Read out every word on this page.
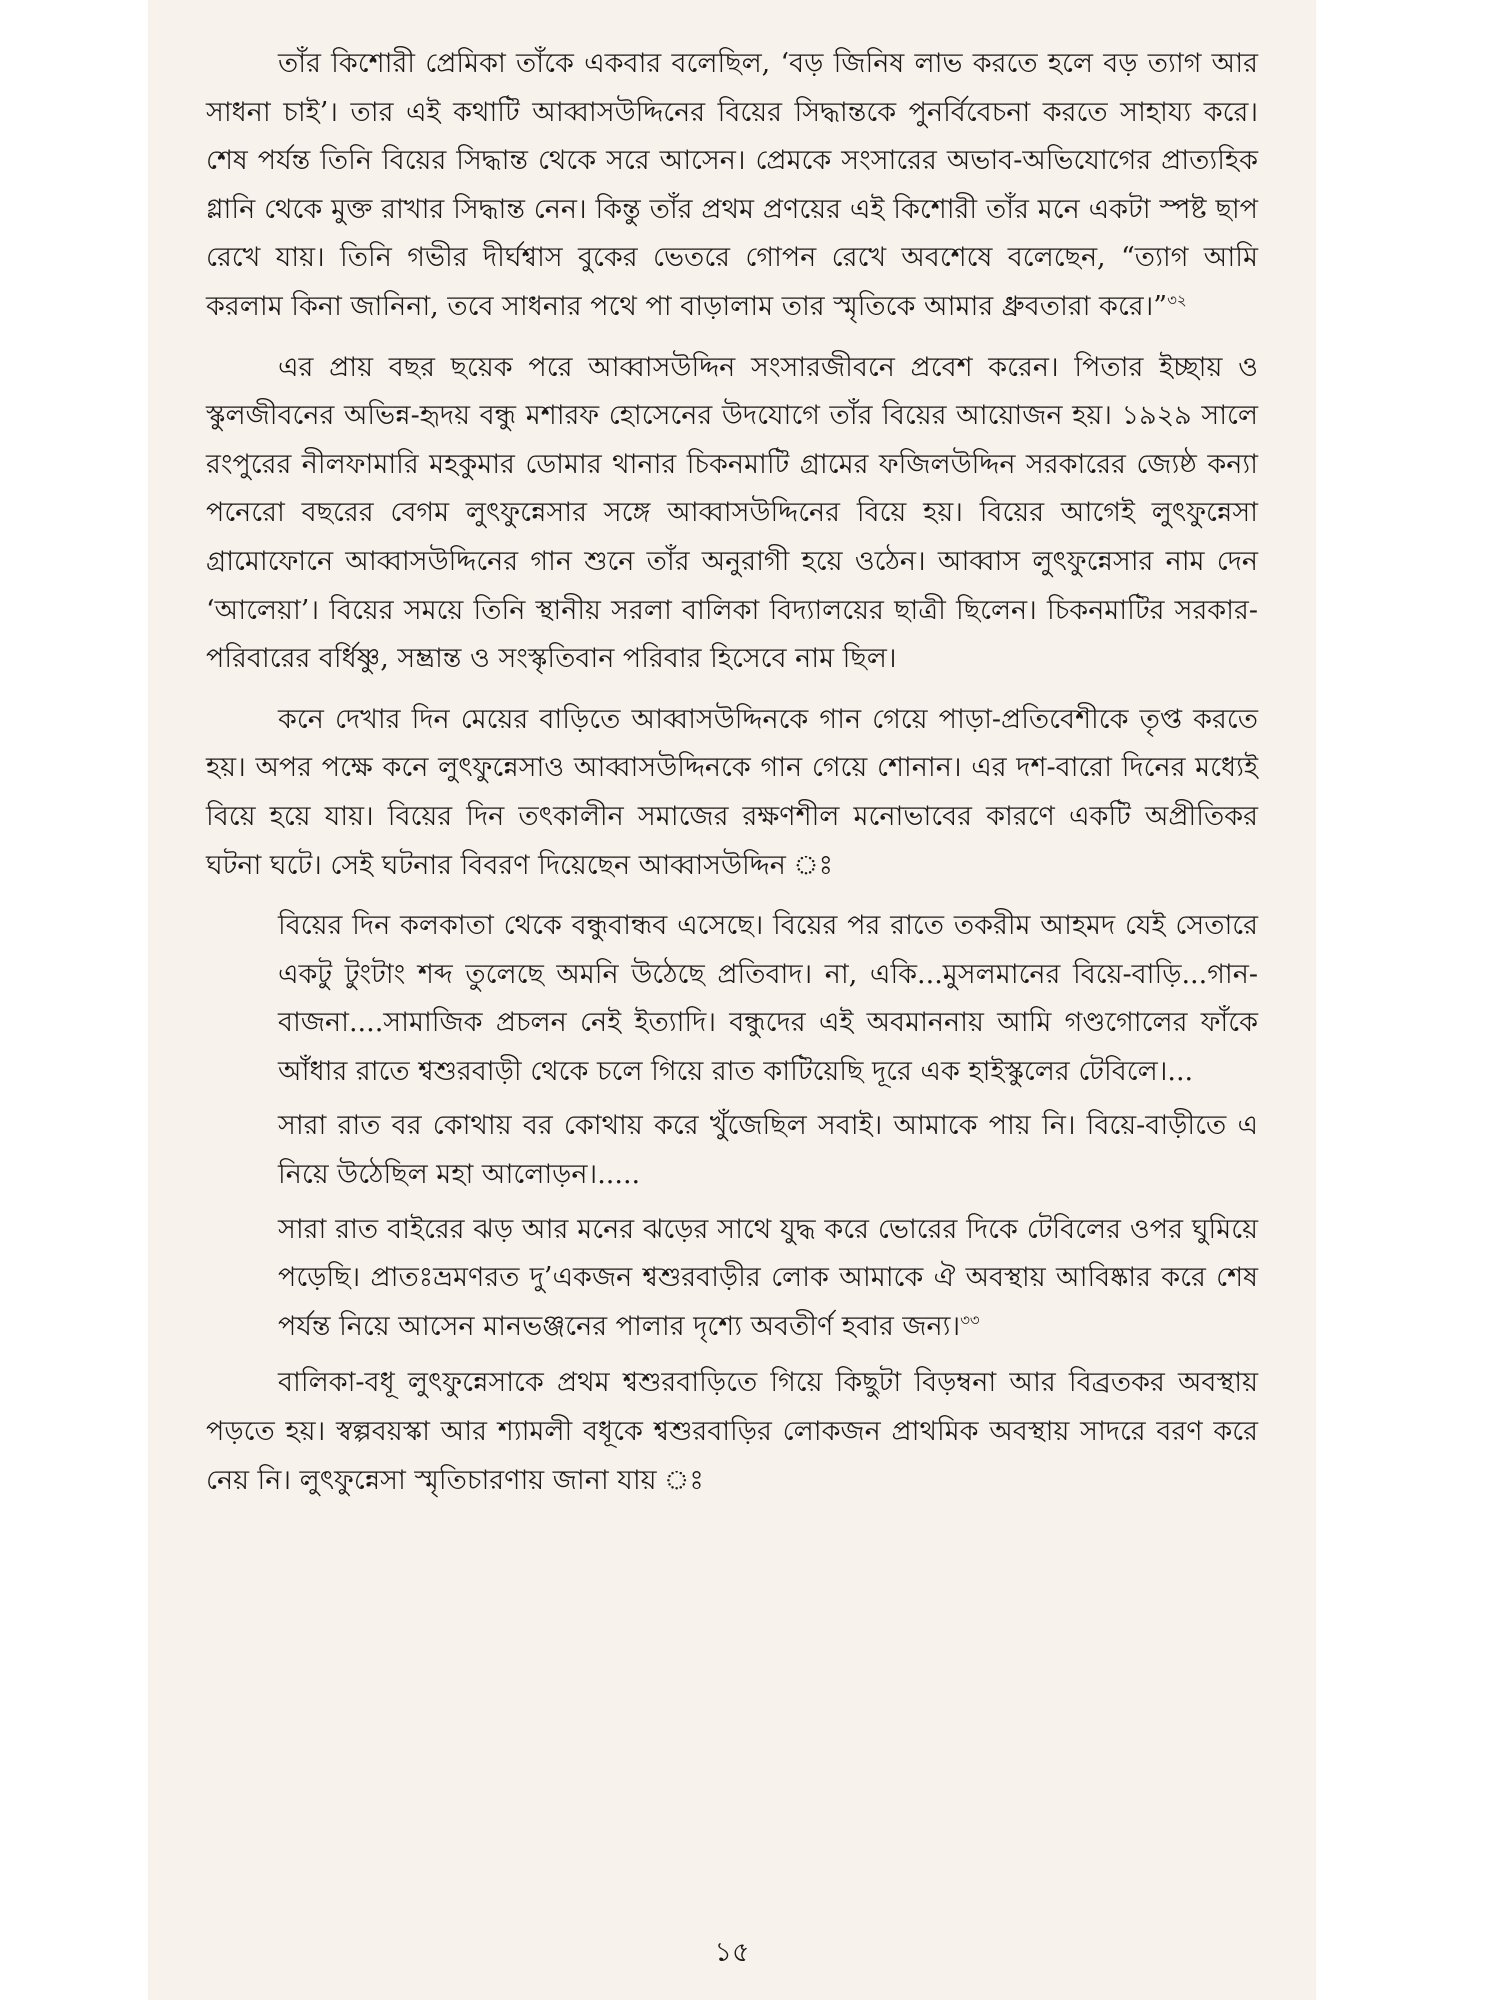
তাঁর কিশোরী প্রেমিকা তাঁকে একবার বলেছিল, ‘বড় জিনিষ লাভ করতে হলে বড় ত্যাগ আর সাধনা চাই’। তার এই কথাটি আব্বাসউদ্দিনের বিয়ের সিদ্ধান্তকে পুনর্বিবেচনা করতে সাহায্য করে। শেষ পর্যন্ত তিনি বিয়ের সিদ্ধান্ত থেকে সরে আসেন। প্রেমকে সংসারের অভাব-অভিযোগের প্রাত্যহিক গ্লানি থেকে মুক্ত রাখার সিদ্ধান্ত নেন। কিন্তু তাঁর প্রথম প্রণয়ের এই কিশোরী তাঁর মনে একটা স্পষ্ট ছাপ রেখে যায়। তিনি গভীর দীর্ঘশ্বাস বুকের ভেতরে গোপন রেখে অবশেষে বলেছেন, “ত্যাগ আমি করলাম কিনা জানিনা, তবে সাধনার পথে পা বাড়ালাম তার স্মৃতিকে আমার ধ্রুবতারা করে।”$^{৩২}$

এর প্রায় বছর ছয়েক পরে আব্বাসউদ্দিন সংসারজীবনে প্রবেশ করেন। পিতার ইচ্ছায় ও স্কুলজীবনের অভিন্ন-হৃদয় বন্ধু মশারফ হোসেনের উদযোগে তাঁর বিয়ের আয়োজন হয়। ১৯২৯ সালে রংপুরের নীলফামারি মহকুমার ডোমার থানার চিকনমাটি গ্রামের ফজিলউদ্দিন সরকারের জ্যেষ্ঠ কন্যা পনেরো বছরের বেগম লুৎফুন্নেসার সঙ্গে আব্বাসউদ্দিনের বিয়ে হয়। বিয়ের আগেই লুৎফুন্নেসা গ্রামোফোনে আব্বাসউদ্দিনের গান শুনে তাঁর অনুরাগী হয়ে ওঠেন। আব্বাস লুৎফুন্নেসার নাম দেন ‘আলেয়া’। বিয়ের সময়ে তিনি স্থানীয় সরলা বালিকা বিদ্যালয়ের ছাত্রী ছিলেন। চিকনমাটির সরকার-পরিবারের বর্ধিষ্ণু, সম্ভ্রান্ত ও সংস্কৃতিবান পরিবার হিসেবে নাম ছিল।

কনে দেখার দিন মেয়ের বাড়িতে আব্বাসউদ্দিনকে গান গেয়ে পাড়া-প্রতিবেশীকে তৃপ্ত করতে হয়। অপর পক্ষে কনে লুৎফুন্নেসাও আব্বাসউদ্দিনকে গান গেয়ে শোনান। এর দশ-বারো দিনের মধ্যেই বিয়ে হয়ে যায়। বিয়ের দিন তৎকালীন সমাজের রক্ষণশীল মনোভাবের কারণে একটি অপ্রীতিকর ঘটনা ঘটে। সেই ঘটনার বিবরণ দিয়েছেন আব্বাসউদ্দিন ঃ

বিয়ের দিন কলকাতা থেকে বন্ধুবান্ধব এসেছে। বিয়ের পর রাতে তকরীম আহমদ যেই সেতারে একটু টুংটাং শব্দ তুলেছে অমনি উঠেছে প্রতিবাদ। না, একি...মুসলমানের বিয়ে-বাড়ি...গান-বাজনা....সামাজিক প্রচলন নেই ইত্যাদি। বন্ধুদের এই অবমাননায় আমি গণ্ডগোলের ফাঁকে আঁধার রাতে শ্বশুরবাড়ী থেকে চলে গিয়ে রাত কাটিয়েছি দূরে এক হাইস্কুলের টেবিলে।...

সারা রাত বর কোথায় বর কোথায় করে খুঁজেছিল সবাই। আমাকে পায় নি। বিয়ে-বাড়ীতে এ নিয়ে উঠেছিল মহা আলোড়ন।.....

সারা রাত বাইরের ঝড় আর মনের ঝড়ের সাথে যুদ্ধ করে ভোরের দিকে টেবিলের ওপর ঘুমিয়ে পড়েছি। প্রাতঃভ্রমণরত দু’একজন শ্বশুরবাড়ীর লোক আমাকে ঐ অবস্থায় আবিষ্কার করে শেষ পর্যন্ত নিয়ে আসেন মানভঞ্জনের পালার দৃশ্যে অবতীর্ণ হবার জন্য।$^{৩৩}$

বালিকা-বধূ লুৎফুন্নেসাকে প্রথম শ্বশুরবাড়িতে গিয়ে কিছুটা বিড়ম্বনা আর বিব্রতকর অবস্থায় পড়তে হয়। স্বল্পবয়স্কা আর শ্যামলী বধূকে শ্বশুরবাড়ির লোকজন প্রাথমিক অবস্থায় সাদরে বরণ করে নেয় নি। লুৎফুন্নেসা স্মৃতিচারণায় জানা যায় ঃ

১৫
